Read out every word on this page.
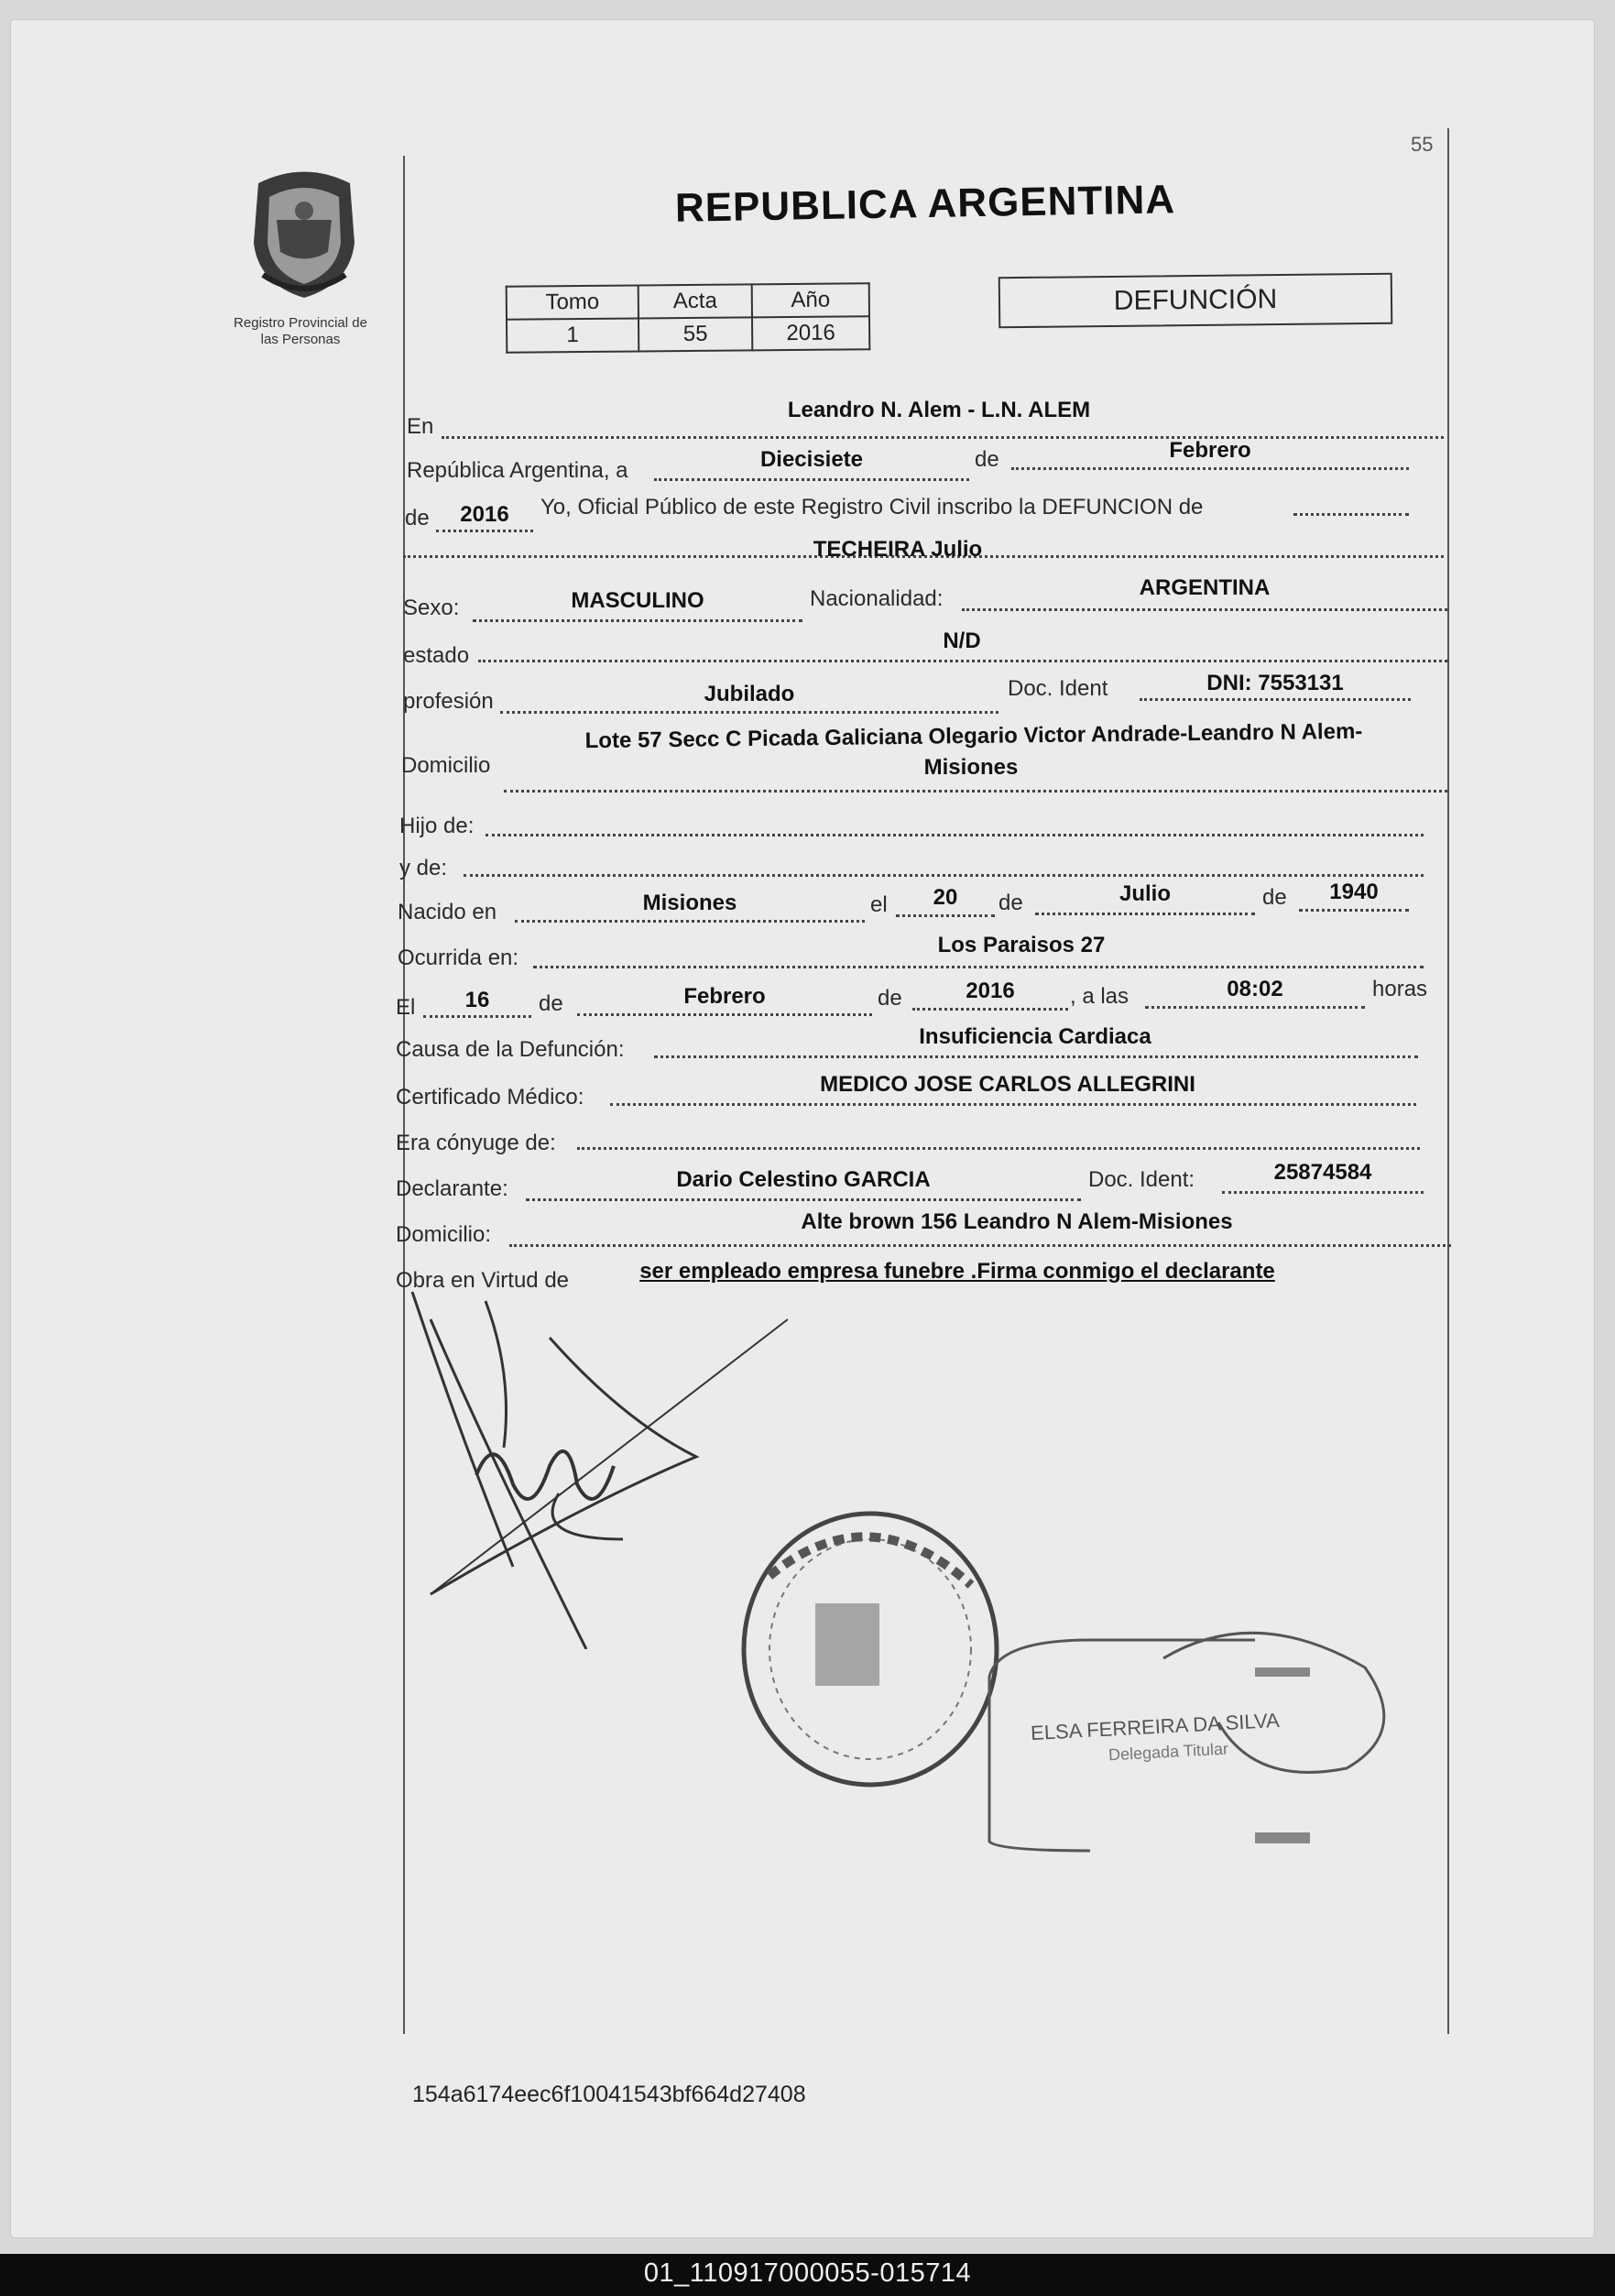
55
Registro Provincial de
las Personas
REPUBLICA ARGENTINA
Tomo	Acta	Año
1	55	2016
DEFUNCIÓN
En
Leandro N. Alem - L.N. ALEM
República Argentina, a	Diecisiete	de	Febrero
de	2016	Yo, Oficial Público de este Registro Civil inscribo la DEFUNCION de
TECHEIRA Julio
Sexo:	MASCULINO	Nacionalidad:	ARGENTINA
estado
N/D
profesión	Jubilado	Doc. Ident	DNI: 7553131
Domicilio
Lote 57 Secc C Picada Galiciana Olegario Victor Andrade-Leandro N Alem-
Misiones
Hijo de:
y de:
Nacido en	Misiones	el	20	de	Julio	de	1940
Ocurrida en:
Los Paraisos 27
El	16	de	Febrero	de	2016	, a las	08:02	horas
Causa de la Defunción:
Insuficiencia Cardiaca
Certificado Médico:
MEDICO JOSE CARLOS ALLEGRINI
Era cónyuge de:
Declarante:	Dario Celestino GARCIA	Doc. Ident:	25874584
Domicilio:
Alte brown 156 Leandro N Alem-Misiones
Obra en Virtud de	ser empleado empresa funebre .Firma conmigo el declarante
ELSA FERREIRA DA SILVA
Delegada Titular
154a6174eec6f10041543bf664d27408
01_110917000055-015714
